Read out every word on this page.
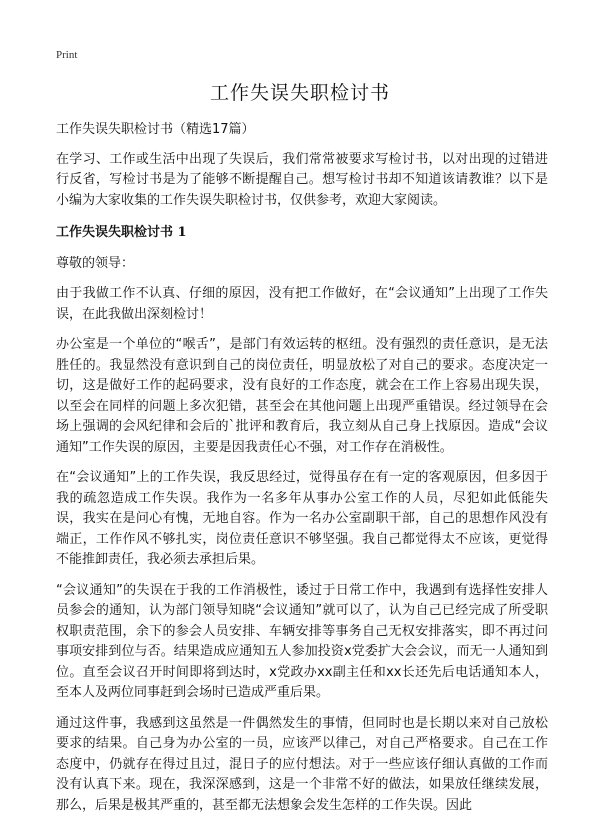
Print
工作失误失职检讨书

工作失误失职检讨书（精选17篇）

在学习、工作或生活中出现了失误后，我们常常被要求写检讨书，以对出现的过错进行反省，写检讨书是为了能够不断提醒自己。想写检讨书却不知道该请教谁？以下是小编为大家收集的工作失误失职检讨书，仅供参考，欢迎大家阅读。

工作失误失职检讨书 1

尊敬的领导：

由于我做工作不认真、仔细的原因，没有把工作做好，在“会议通知”上出现了工作失误，在此我做出深刻检讨！

办公室是一个单位的“喉舌”，是部门有效运转的枢纽。没有强烈的责任意识，是无法胜任的。我显然没有意识到自己的岗位责任，明显放松了对自己的要求。态度决定一切，这是做好工作的起码要求，没有良好的工作态度，就会在工作上容易出现失误，以至会在同样的问题上多次犯错，甚至会在其他问题上出现严重错误。经过领导在会场上强调的会风纪律和会后的`批评和教育后，我立刻从自己身上找原因。造成“会议通知”工作失误的原因，主要是因我责任心不强，对工作存在消极性。

在“会议通知”上的工作失误，我反思经过，觉得虽存在有一定的客观原因，但多因于我的疏忽造成工作失误。我作为一名多年从事办公室工作的人员，尽犯如此低能失误，我实在是问心有愧，无地自容。作为一名办公室副职干部，自己的思想作风没有端正，工作作风不够扎实，岗位责任意识不够坚强。我自己都觉得太不应该，更觉得不能推卸责任，我必须去承担后果。

“会议通知”的失误在于我的工作消极性，诿过于日常工作中，我遇到有选择性安排人员参会的通知，认为部门领导知晓“会议通知”就可以了，认为自己已经完成了所受职权职责范围，余下的参会人员安排、车辆安排等事务自己无权安排落实，即不再过问事项安排到位与否。结果造成应通知五人参加投资x党委扩大会会议，而无一人通知到位。直至会议召开时间即将到达时，x党政办xx副主任和xx长还先后电话通知本人，至本人及两位同事赶到会场时已造成严重后果。

通过这件事，我感到这虽然是一件偶然发生的事情，但同时也是长期以来对自己放松要求的结果。自己身为办公室的一员，应该严以律己，对自己严格要求。自己在工作态度中，仍就存在得过且过，混日子的应付想法。对于一些应该仔细认真做的工作而没有认真下来。现在，我深深感到，这是一个非常不好的做法，如果放任继续发展，那么，后果是极其严重的，甚至都无法想象会发生怎样的工作失误。因此
